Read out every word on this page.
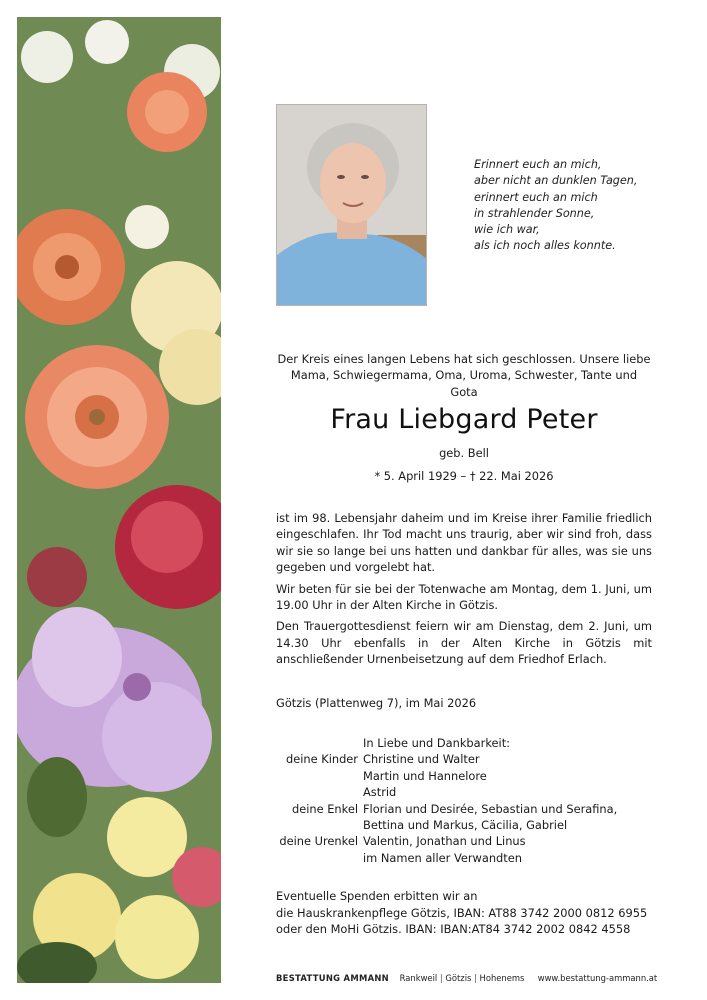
Erinnert euch an mich,
aber nicht an dunklen Tagen,
erinnert euch an mich
in strahlender Sonne,
wie ich war,
als ich noch alles konnte.
Der Kreis eines langen Lebens hat sich geschlossen. Unsere liebe Mama, Schwiegermama, Oma, Uroma, Schwester, Tante und Gota
Frau Liebgard Peter
geb. Bell
* 5. April 1929 – † 22. Mai 2026

ist im 98. Lebensjahr daheim und im Kreise ihrer Familie friedlich eingeschlafen. Ihr Tod macht uns traurig, aber wir sind froh, dass wir sie so lange bei uns hatten und dankbar für alles, was sie uns gegeben und vorgelebt hat.

Wir beten für sie bei der Totenwache am Montag, dem 1. Juni, um 19.00 Uhr in der Alten Kirche in Götzis.

Den Trauergottesdienst feiern wir am Dienstag, dem 2. Juni, um 14.30 Uhr ebenfalls in der Alten Kirche in Götzis mit anschließender Urnenbeisetzung auf dem Friedhof Erlach.

Götzis (Plattenweg 7), im Mai 2026
In Liebe und Dankbarkeit:
deine Kinder Christine und Walter
Martin und Hannelore
Astrid
deine Enkel Florian und Desirée, Sebastian und Serafina,
Bettina und Markus, Cäcilia, Gabriel
deine Urenkel Valentin, Jonathan und Linus
im Namen aller Verwandten
Eventuelle Spenden erbitten wir an
die Hauskrankenpflege Götzis, IBAN: AT88 3742 2000 0812 6955
oder den MoHi Götzis. IBAN: IBAN:AT84 3742 2002 0842 4558
BESTATTUNG AMMANN Rankweil | Götzis | Hohenems www.bestattung-ammann.at
